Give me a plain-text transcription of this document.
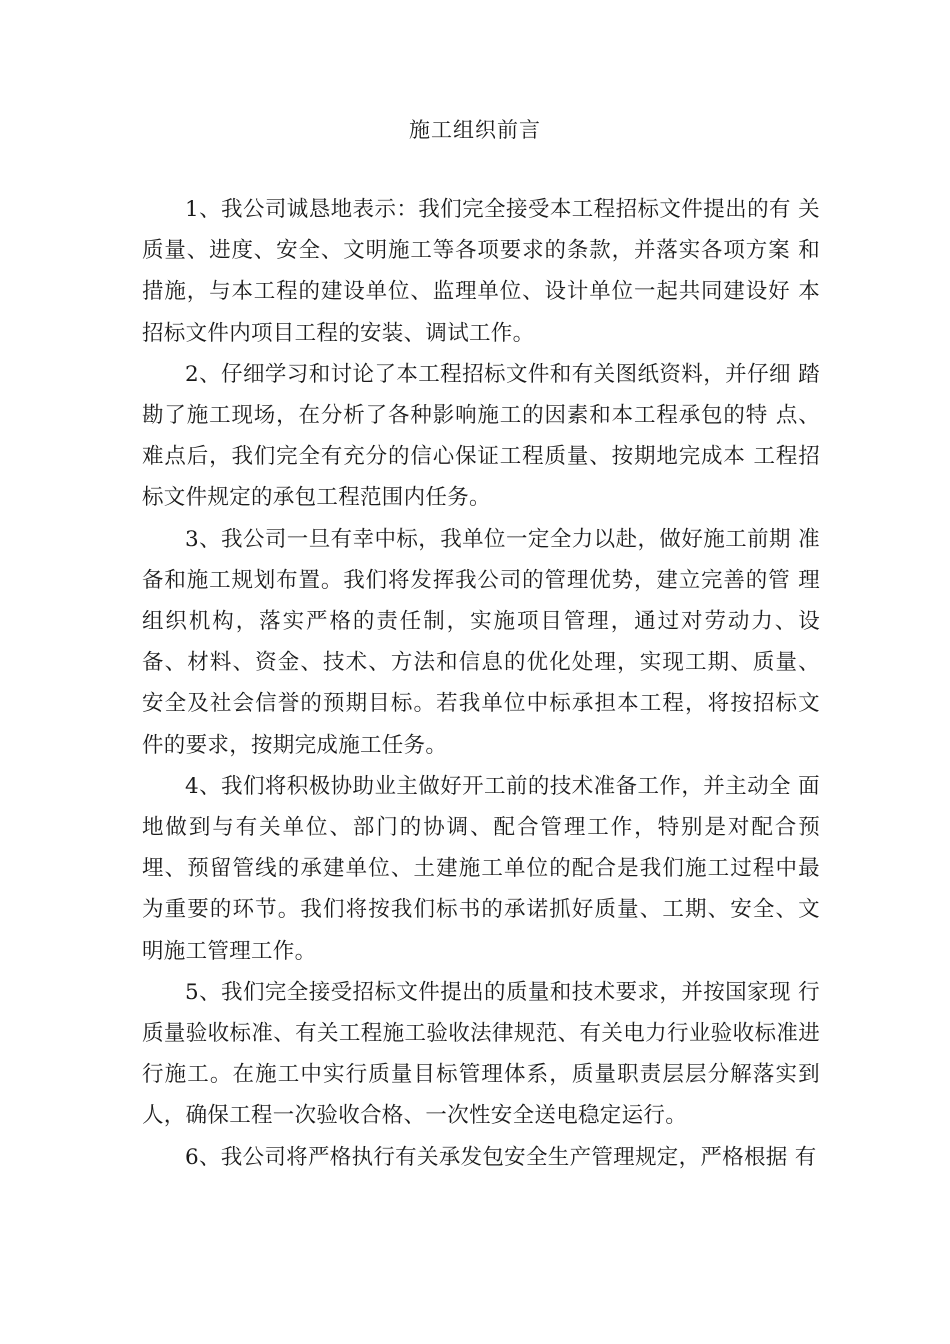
施工组织前言

1、我公司诚恳地表示：我们完全接受本工程招标文件提出的有 关质量、进度、安全、文明施工等各项要求的条款，并落实各项方案 和措施，与本工程的建设单位、监理单位、设计单位一起共同建设好 本招标文件内项目工程的安装、调试工作。

2、仔细学习和讨论了本工程招标文件和有关图纸资料，并仔细 踏勘了施工现场，在分析了各种影响施工的因素和本工程承包的特 点、难点后，我们完全有充分的信心保证工程质量、按期地完成本 工程招标文件规定的承包工程范围内任务。

3、我公司一旦有幸中标，我单位一定全力以赴，做好施工前期 准备和施工规划布置。我们将发挥我公司的管理优势，建立完善的管 理组织机构，落实严格的责任制，实施项目管理，通过对劳动力、设 备、材料、资金、技术、方法和信息的优化处理，实现工期、质量、 安全及社会信誉的预期目标。若我单位中标承担本工程，将按招标文 件的要求，按期完成施工任务。

4、我们将积极协助业主做好开工前的技术准备工作，并主动全 面地做到与有关单位、部门的协调、配合管理工作，特别是对配合预 埋、预留管线的承建单位、土建施工单位的配合是我们施工过程中最 为重要的环节。我们将按我们标书的承诺抓好质量、工期、安全、文 明施工管理工作。

5、我们完全接受招标文件提出的质量和技术要求，并按国家现 行质量验收标准、有关工程施工验收法律规范、有关电力行业验收标准进行施工。在施工中实行质量目标管理体系，质量职责层层分解落实到人，确保工程一次验收合格、一次性安全送电稳定运行。

6、我公司将严格执行有关承发包安全生产管理规定，严格根据 有
